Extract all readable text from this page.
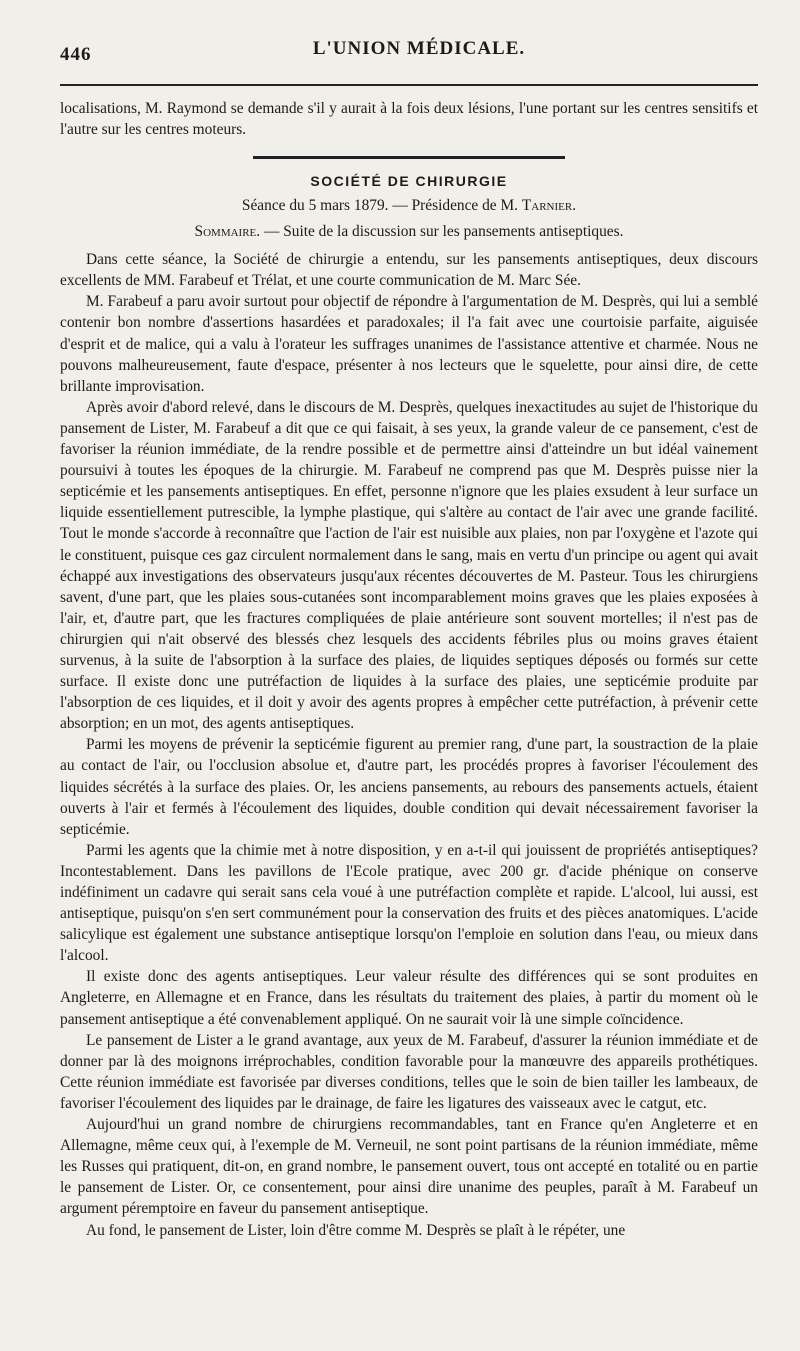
446	L'UNION MÉDICALE.

localisations, M. Raymond se demande s'il y aurait à la fois deux lésions, l'une portant sur les centres sensitifs et l'autre sur les centres moteurs.

SOCIÉTÉ DE CHIRURGIE
Séance du 5 mars 1879. — Présidence de M. Tarnier.
Sommaire. — Suite de la discussion sur les pansements antiseptiques.

Dans cette séance, la Société de chirurgie a entendu, sur les pansements antiseptiques, deux discours excellents de MM. Farabeuf et Trélat, et une courte communication de M. Marc Sée.

M. Farabeuf a paru avoir surtout pour objectif de répondre à l'argumentation de M. Desprès, qui lui a semblé contenir bon nombre d'assertions hasardées et paradoxales; il l'a fait avec une courtoisie parfaite, aiguisée d'esprit et de malice, qui a valu à l'orateur les suffrages unanimes de l'assistance attentive et charmée. Nous ne pouvons malheureusement, faute d'espace, présenter à nos lecteurs que le squelette, pour ainsi dire, de cette brillante improvisation.

Après avoir d'abord relevé, dans le discours de M. Desprès, quelques inexactitudes au sujet de l'historique du pansement de Lister, M. Farabeuf a dit que ce qui faisait, à ses yeux, la grande valeur de ce pansement, c'est de favoriser la réunion immédiate, de la rendre possible et de permettre ainsi d'atteindre un but idéal vainement poursuivi à toutes les époques de la chirurgie. M. Farabeuf ne comprend pas que M. Desprès puisse nier la septicémie et les pansements antiseptiques. En effet, personne n'ignore que les plaies exsudent à leur surface un liquide essentiellement putrescible, la lymphe plastique, qui s'altère au contact de l'air avec une grande facilité. Tout le monde s'accorde à reconnaître que l'action de l'air est nuisible aux plaies, non par l'oxygène et l'azote qui le constituent, puisque ces gaz circulent normalement dans le sang, mais en vertu d'un principe ou agent qui avait échappé aux investigations des observateurs jusqu'aux récentes découvertes de M. Pasteur. Tous les chirurgiens savent, d'une part, que les plaies sous-cutanées sont incomparablement moins graves que les plaies exposées à l'air, et, d'autre part, que les fractures compliquées de plaie antérieure sont souvent mortelles; il n'est pas de chirurgien qui n'ait observé des blessés chez lesquels des accidents fébriles plus ou moins graves étaient survenus, à la suite de l'absorption à la surface des plaies, de liquides septiques déposés ou formés sur cette surface. Il existe donc une putréfaction de liquides à la surface des plaies, une septicémie produite par l'absorption de ces liquides, et il doit y avoir des agents propres à empêcher cette putréfaction, à prévenir cette absorption; en un mot, des agents antiseptiques.

Parmi les moyens de prévenir la septicémie figurent au premier rang, d'une part, la soustraction de la plaie au contact de l'air, ou l'occlusion absolue et, d'autre part, les procédés propres à favoriser l'écoulement des liquides sécrétés à la surface des plaies. Or, les anciens pansements, au rebours des pansements actuels, étaient ouverts à l'air et fermés à l'écoulement des liquides, double condition qui devait nécessairement favoriser la septicémie.

Parmi les agents que la chimie met à notre disposition, y en a-t-il qui jouissent de propriétés antiseptiques? Incontestablement. Dans les pavillons de l'Ecole pratique, avec 200 gr. d'acide phénique on conserve indéfiniment un cadavre qui serait sans cela voué à une putréfaction complète et rapide. L'alcool, lui aussi, est antiseptique, puisqu'on s'en sert communément pour la conservation des fruits et des pièces anatomiques. L'acide salicylique est également une substance antiseptique lorsqu'on l'emploie en solution dans l'eau, ou mieux dans l'alcool.

Il existe donc des agents antiseptiques. Leur valeur résulte des différences qui se sont produites en Angleterre, en Allemagne et en France, dans les résultats du traitement des plaies, à partir du moment où le pansement antiseptique a été convenablement appliqué. On ne saurait voir là une simple coïncidence.

Le pansement de Lister a le grand avantage, aux yeux de M. Farabeuf, d'assurer la réunion immédiate et de donner par là des moignons irréprochables, condition favorable pour la manœuvre des appareils prothétiques. Cette réunion immédiate est favorisée par diverses conditions, telles que le soin de bien tailler les lambeaux, de favoriser l'écoulement des liquides par le drainage, de faire les ligatures des vaisseaux avec le catgut, etc.

Aujourd'hui un grand nombre de chirurgiens recommandables, tant en France qu'en Angleterre et en Allemagne, même ceux qui, à l'exemple de M. Verneuil, ne sont point partisans de la réunion immédiate, même les Russes qui pratiquent, dit-on, en grand nombre, le pansement ouvert, tous ont accepté en totalité ou en partie le pansement de Lister. Or, ce consentement, pour ainsi dire unanime des peuples, paraît à M. Farabeuf un argument péremptoire en faveur du pansement antiseptique.

Au fond, le pansement de Lister, loin d'être comme M. Desprès se plaît à le répéter, une
